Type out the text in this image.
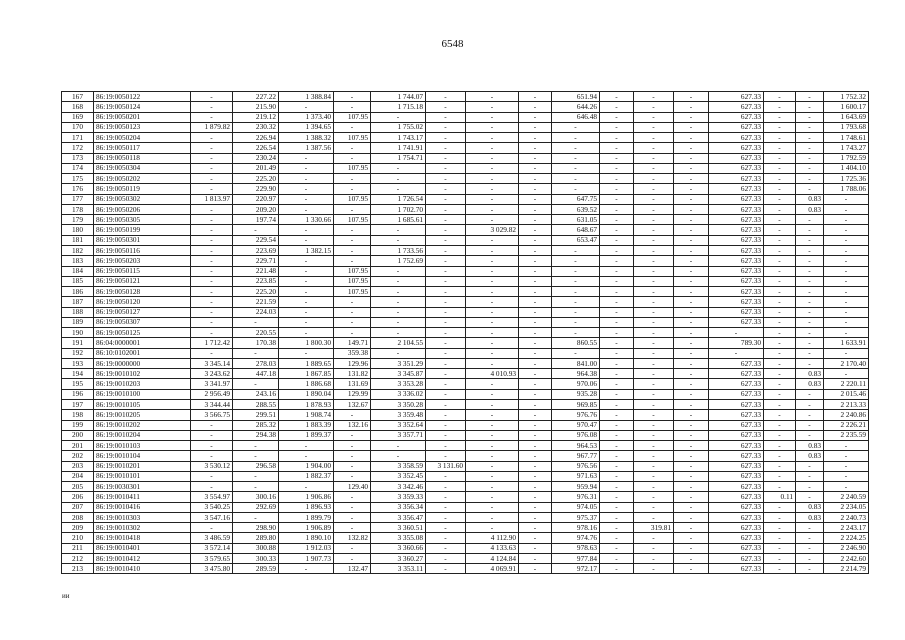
6548
167	86:19:0050122	-	227.22	1 388.84	-	1 744.07	-	-	-	651.94	-	-	-	627.33	-	-	1 752.32
168	86:19:0050124	-	215.90	-	-	1 715.18	-	-	-	644.26	-	-	-	627.33	-	-	1 600.17
169	86:19:0050201	-	219.12	1 373.40	107.95	-	-	-	-	646.48	-	-	-	627.33	-	-	1 643.69
170	86:19:0050123	1 879.82	230.32	1 394.65	-	1 755.02	-	-	-	-	-	-	-	627.33	-	-	1 793.68
171	86:19:0050204	-	226.94	1 388.32	107.95	1 743.17	-	-	-	-	-	-	-	627.33	-	-	1 748.61
172	86:19:0050117	-	226.54	1 387.56	-	1 741.91	-	-	-	-	-	-	-	627.33	-	-	1 743.27
173	86:19:0050118	-	230.24	-	-	1 754.71	-	-	-	-	-	-	-	627.33	-	-	1 792.59
174	86:19:0050304	-	201.49	-	107.95	-	-	-	-	-	-	-	-	627.33	-	-	1 404.10
175	86:19:0050202	-	225.20	-	-	-	-	-	-	-	-	-	-	627.33	-	-	1 725.36
176	86:19:0050119	-	229.90	-	-	-	-	-	-	-	-	-	-	627.33	-	-	1 788.06
177	86:19:0050302	1 813.97	220.97	-	107.95	1 726.54	-	-	-	647.75	-	-	-	627.33	-	0.83	-
178	86:19:0050206	-	209.20	-	-	1 702.70	-	-	-	639.52	-	-	-	627.33	-	0.83	-
179	86:19:0050305	-	197.74	1 330.66	107.95	1 685.61	-	-	-	631.05	-	-	-	627.33	-	-	-
180	86:19:0050199	-	-	-	-	-	-	3 029.82	-	648.67	-	-	-	627.33	-	-	-
181	86:19:0050301	-	229.54	-	-	-	-	-	-	653.47	-	-	-	627.33	-	-	-
182	86:19:0050116	-	223.69	1 382.15	-	1 733.56	-	-	-	-	-	-	-	627.33	-	-	-
183	86:19:0050203	-	229.71	-	-	1 752.69	-	-	-	-	-	-	-	627.33	-	-	-
184	86:19:0050115	-	221.48	-	107.95	-	-	-	-	-	-	-	-	627.33	-	-	-
185	86:19:0050121	-	223.85	-	107.95	-	-	-	-	-	-	-	-	627.33	-	-	-
186	86:19:0050128	-	225.20	-	107.95	-	-	-	-	-	-	-	-	627.33	-	-	-
187	86:19:0050120	-	221.59	-	-	-	-	-	-	-	-	-	-	627.33	-	-	-
188	86:19:0050127	-	224.03	-	-	-	-	-	-	-	-	-	-	627.33	-	-	-
189	86:19:0050307	-	-	-	-	-	-	-	-	-	-	-	-	627.33	-	-	-
190	86:19:0050125	-	220.55	-	-	-	-	-	-	-	-	-	-	-	-	-	-
191	86:04:0000001	1 712.42	170.38	1 800.30	149.71	2 104.55	-	-	-	860.55	-	-	-	789.30	-	-	1 633.91
192	86:10:0102001	-	-	-	359.38	-	-	-	-	-	-	-	-	-	-	-	-
193	86:19:0000000	3 345.14	278.03	1 889.65	129.96	3 351.29	-	-	-	841.00	-	-	-	627.33	-	-	2 170.40
194	86:19:0010102	3 243.62	447.18	1 867.85	131.82	3 345.87	-	4 010.93	-	964.38	-	-	-	627.33	-	0.83	-
195	86:19:0010203	3 341.97	-	1 886.68	131.69	3 353.28	-	-	-	970.06	-	-	-	627.33	-	0.83	2 220.11
196	86:19:0010100	2 956.49	243.16	1 890.04	129.99	3 336.02	-	-	-	935.28	-	-	-	627.33	-	-	2 015.46
197	86:19:0010105	3 344.44	288.55	1 878.93	132.67	3 350.28	-	-	-	969.85	-	-	-	627.33	-	-	2 213.33
198	86:19:0010205	3 566.75	299.51	1 908.74	-	3 359.48	-	-	-	976.76	-	-	-	627.33	-	-	2 240.86
199	86:19:0010202	-	285.32	1 883.39	132.16	3 352.64	-	-	-	970.47	-	-	-	627.33	-	-	2 226.21
200	86:19:0010204	-	294.38	1 899.37	-	3 357.71	-	-	-	976.08	-	-	-	627.33	-	-	2 235.59
201	86:19:0010103	-	-	-	-	-	-	-	-	964.53	-	-	-	627.33	-	0.83	-
202	86:19:0010104	-	-	-	-	-	-	-	-	967.77	-	-	-	627.33	-	0.83	-
203	86:19:0010201	3 530.12	296.58	1 904.00	-	3 358.59	3 131.60	-	-	976.56	-	-	-	627.33	-	-	-
204	86:19:0010101	-	-	1 882.37	-	3 352.45	-	-	-	971.63	-	-	-	627.33	-	-	-
205	86:19:0030301	-	-	-	129.40	3 342.46	-	-	-	959.94	-	-	-	627.33	-	-	-
206	86:19:0010411	3 554.97	300.16	1 906.86	-	3 359.33	-	-	-	976.31	-	-	-	627.33	0.11	-	2 240.59
207	86:19:0010416	3 540.25	292.69	1 896.93	-	3 356.34	-	-	-	974.05	-	-	-	627.33	-	0.83	2 234.05
208	86:19:0010303	3 547.16	-	1 899.79	-	3 356.47	-	-	-	975.37	-	-	-	627.33	-	0.83	2 240.73
209	86:19:0010302	-	298.90	1 906.89	-	3 360.51	-	-	-	978.16	-	319.81	-	627.33	-	-	2 243.17
210	86:19:0010418	3 486.59	289.80	1 890.10	132.82	3 355.08	-	4 112.90	-	974.76	-	-	-	627.33	-	-	2 224.25
211	86:19:0010401	3 572.14	300.88	1 912.03	-	3 360.66	-	4 133.63	-	978.63	-	-	-	627.33	-	-	2 246.90
212	86:19:0010412	3 579.65	300.33	1 907.73	-	3 360.27	-	4 124.84	-	977.84	-	-	-	627.33	-	-	2 242.60
213	86:19:0010410	3 475.80	289.59	-	132.47	3 353.11	-	4 069.91	-	972.17	-	-	-	627.33	-	-	2 214.79
ии
